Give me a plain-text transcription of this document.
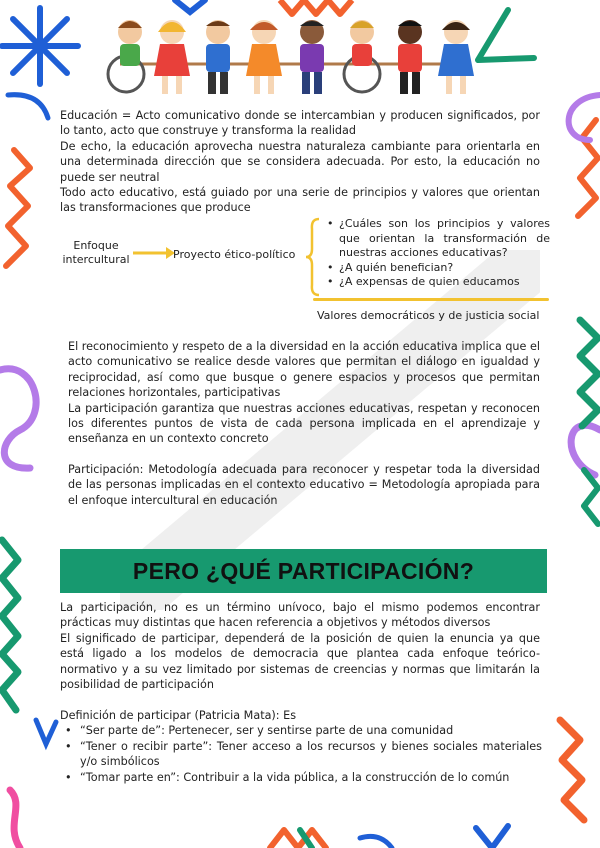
Educación = Acto comunicativo donde se intercambian y producen significados, por lo tanto, acto que construye y transforma la realidad

De echo, la educación aprovecha nuestra naturaleza cambiante para orientarla en una determinada dirección que se considera adecuada. Por esto, la educación no puede ser neutral

Todo acto educativo, está guiado por una serie de principios y valores que orientan las transformaciones que produce

Enfoque
intercultural	Proyecto ético-político
• ¿Cuáles son los principios y valores que orientan la transformación de nuestras acciones educativas?
• ¿A quién benefician?
• ¿A expensas de quien educamos
Valores democráticos y de justicia social

El reconocimiento y respeto de a la diversidad en la acción educativa implica que el acto comunicativo se realice desde valores que permitan el diálogo en igualdad y reciprocidad, así como que busque o genere espacios y procesos que permitan relaciones horizontales, participativas

La participación garantiza que nuestras acciones educativas, respetan y reconocen los diferentes puntos de vista de cada persona implicada en el aprendizaje y enseñanza en un contexto concreto

Participación: Metodología adecuada para reconocer y respetar toda la diversidad de las personas implicadas en el contexto educativo = Metodología apropiada para el enfoque intercultural en educación

PERO ¿QUÉ PARTICIPACIÓN?

La participación, no es un término unívoco, bajo el mismo podemos encontrar prácticas muy distintas que hacen referencia a objetivos y métodos diversos

El significado de participar, dependerá de la posición de quien la enuncia ya que está ligado a los modelos de democracia que plantea cada enfoque teórico-normativo y a su vez limitado por sistemas de creencias y normas que limitarán la posibilidad de participación

Definición de participar (Patricia Mata): Es
• “Ser parte de”: Pertenecer, ser y sentirse parte de una comunidad
• “Tener o recibir parte”: Tener acceso a los recursos y bienes sociales materiales y/o simbólicos
• “Tomar parte en”: Contribuir a la vida pública, a la construcción de lo común
